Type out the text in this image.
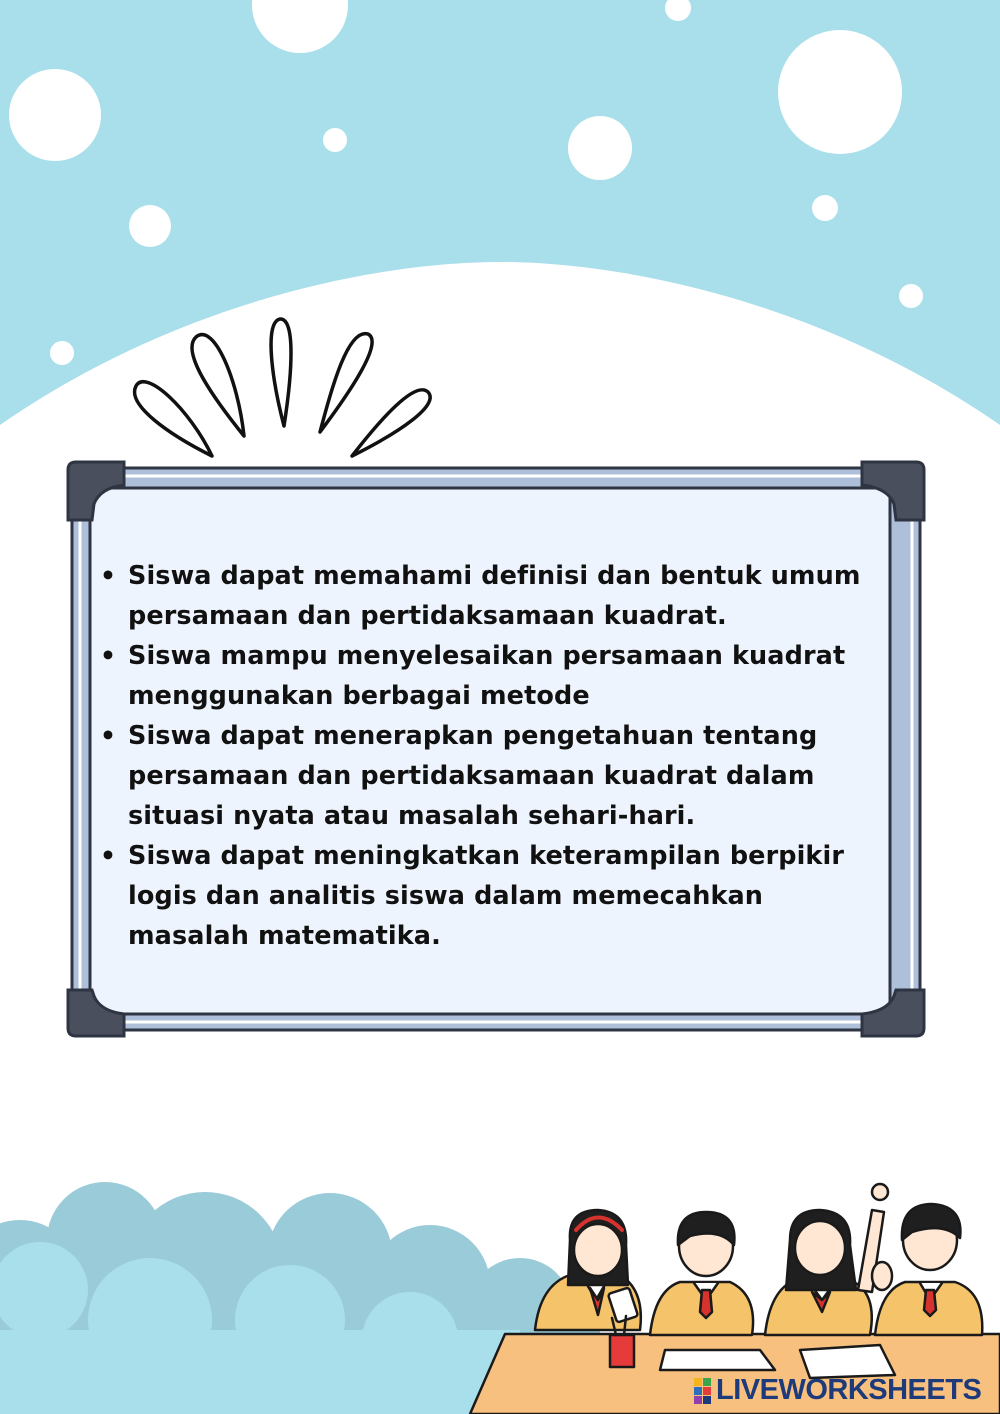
• Siswa dapat memahami definisi dan bentuk umum persamaan dan pertidaksamaan kuadrat.
• Siswa mampu menyelesaikan persamaan kuadrat menggunakan berbagai metode
• Siswa dapat menerapkan pengetahuan tentang persamaan dan pertidaksamaan kuadrat dalam situasi nyata atau masalah sehari-hari.
• Siswa dapat meningkatkan keterampilan berpikir logis dan analitis siswa dalam memecahkan masalah matematika.
LIVEWORKSHEETS
